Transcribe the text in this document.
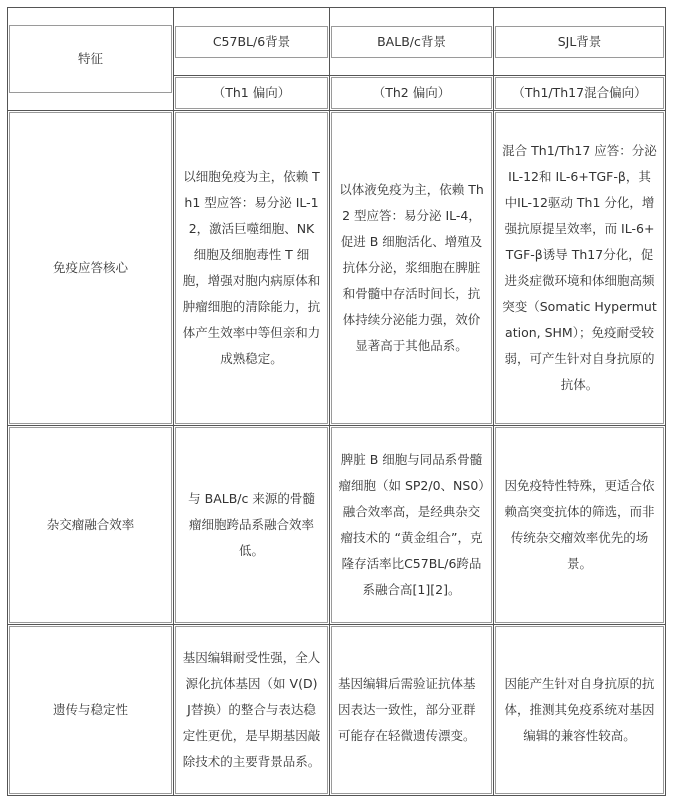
特征	C57BL/6背景	BALB/c背景	SJL背景

	（Th1 偏向）	（Th2 偏向）	（Th1/Th17混合偏向）

免疫应答核心	以细胞免疫为主，依赖 Th1 型应答：易分泌 IL-12，激活巨噬细胞、NK 细胞及细胞毒性 T 细胞，增强对胞内病原体和肿瘤细胞的清除能力，抗体产生效率中等但亲和力成熟稳定。	以体液免疫为主，依赖 Th2 型应答：易分泌 IL-4，促进 B 细胞活化、增殖及抗体分泌，浆细胞在脾脏和骨髓中存活时间长，抗体持续分泌能力强，效价显著高于其他品系。	混合 Th1/Th17 应答：分泌 IL-12和 IL-6+TGF-β，其中IL-12驱动 Th1 分化，增强抗原提呈效率，而 IL-6+TGF-β诱导 Th17分化，促进炎症微环境和体细胞高频突变（Somatic Hypermutation, SHM）；免疫耐受较弱，可产生针对自身抗原的抗体。

杂交瘤融合效率	与 BALB/c 来源的骨髓瘤细胞跨品系融合效率低。	脾脏 B 细胞与同品系骨髓瘤细胞（如 SP2/0、NS0）融合效率高，是经典杂交瘤技术的 “黄金组合”，克隆存活率比C57BL/6跨品系融合高[1][2]。	因免疫特性特殊，更适合依赖高突变抗体的筛选，而非传统杂交瘤效率优先的场景。

遗传与稳定性	基因编辑耐受性强，全人源化抗体基因（如 V(D) J替换）的整合与表达稳定性更优，是早期基因敲除技术的主要背景品系。	基因编辑后需验证抗体基因表达一致性，部分亚群可能存在轻微遗传漂变。	因能产生针对自身抗原的抗体，推测其免疫系统对基因编辑的兼容性较高。
